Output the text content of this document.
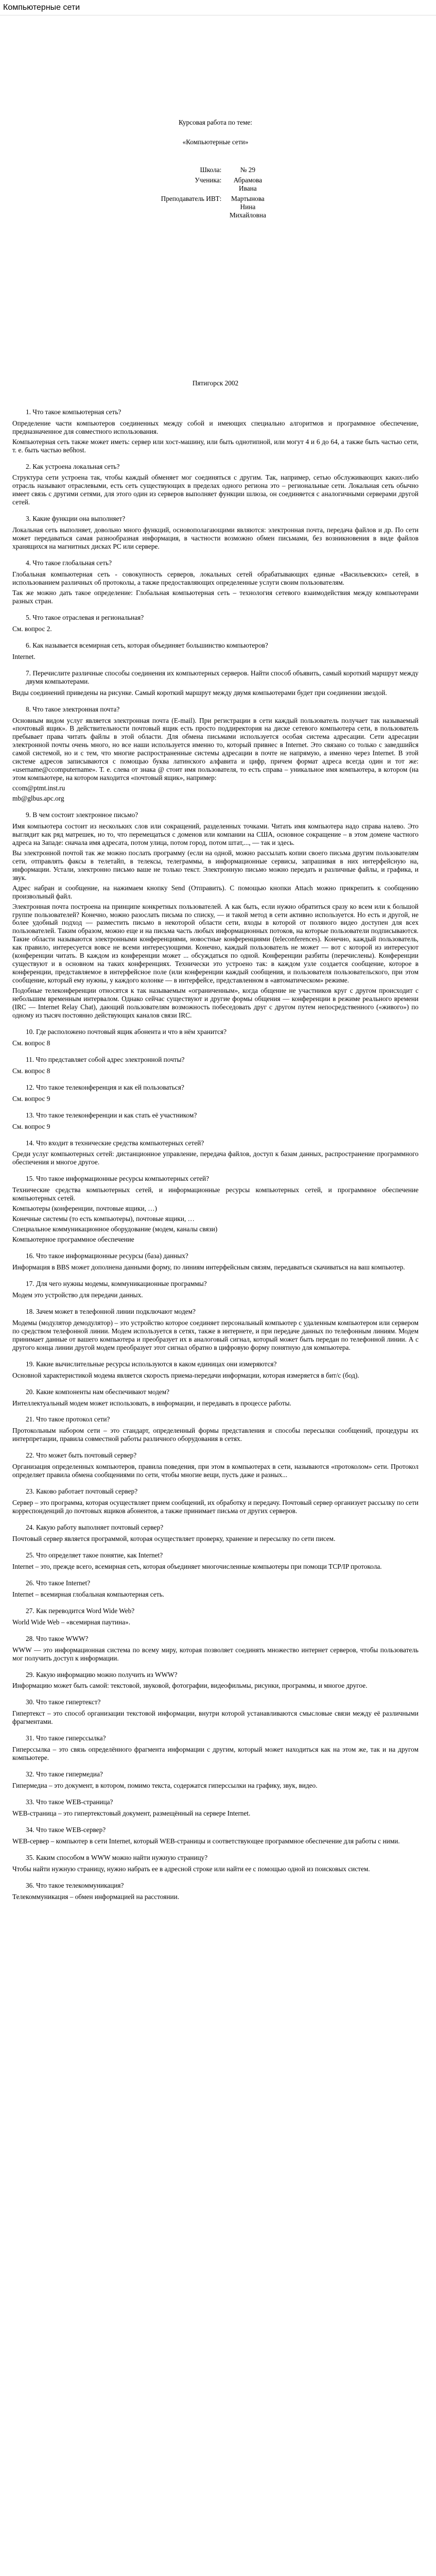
Компьютерные сети

Курсовая работа по теме:

«Компьютерные сети»

Школа:	№ 29
Ученика:	Абрамова Ивана
Преподаватель ИВТ:	Мартынова Нина Михайловна
Пятигорск 2002

1. Что такое компьютерная сеть?

Определение части компьютеров соединенных между собой и имеющих специально алгоритмов и программное обеспечение, предназначенное для совместного использования.

Компьютерная сеть также может иметь: сервер или хост-машину, или быть однотипной, или могут 4 и 6 до 64, а также быть частью сети, т. е. быть частью вебhost.

2. Как устроена локальная сеть?

Структура сети устроена так, чтобы каждый обменяет мог соединяться с другим. Так, например, сетью обслуживающих каких-либо отрасль называют отраслевыми, есть сеть существующих в пределах одного региона это – региональные сети. Локальная сеть обычно имеет связь с другими сетями, для этого один из серверов выполняет функции шлюза, он соединяется с аналогичными серверами другой сетей.

3. Какие функции она выполняет?

Локальная сеть выполняет, довольно много функций, основополагающими являются: электронная почта, передача файлов и др. По сети может передаваться самая разнообразная информация, в частности возможно обмен письмами, без возникновения в виде файлов хранящихся на магнитных дисках PC или сервере.

4. Что такое глобальная сеть?

Глобальная компьютерная сеть - совокупность серверов, локальных сетей обрабатывающих единые «Васильевских» сетей, в использованием различных об протоколы, а также предоставляющих определенные услуги своим пользователям.

Так же можно дать такое определение: Глобальная компьютерная сеть – технология сетевого взаимодействия между компьютерами разных стран.

5. Что такое отраслевая и региональная?

См. вопрос 2.

6. Как называется всемирная сеть, которая объединяет большинство компьютеров?

Internet.

7. Перечислите различные способы соединения их компьютерных серверов. Найти способ объявить, самый короткий маршрут между двумя компьютерами.

Виды соединений приведены на рисунке. Самый короткий маршрут между двумя компьютерами будет при соединении звездой.

8. Что такое электронная почта?

Основным видом услуг является электронная почта (E-mail). При регистрации в сети каждый пользователь получает так называемый «почтовый ящик». В действительности почтовый ящик есть просто поддиректория на диске сетевого компьютера сети, в пользователь пребывает права читать файлы в этой области. Для обмена письмами используется особая система адресации. Сети адресации электронной почты очень много, но все наши используется именно то, который привнес в Internet. Это связано со только с заведшийся самой системой, но и с тем, что многие распространенные системы адресации в почте не напрямую, а именно через Internet. В этой системе адресов записываются с помощью буква латинского алфавита и цифр, причем формат адреса всегда один и тот же: «username@ccomputername». Т. е. слева от знака @ стоит имя пользователя, то есть справа – уникальное имя компьютера, в котором (на этом компьютере, на котором находится «почтовый ящик», например:

ccom@ptmt.inst.ru

mb@glbus.apc.org

9. В чем состоит электронное письмо?

Имя компьютера состоит из нескольких слов или сокращений, разделенных точками. Читать имя компьютера надо справа налево. Это выглядит как ряд матрешек, но то, что перемещаться с доменов или компании на США, основное сокращение – в этом домене частного адреса на Западе: сначала имя адресата, потом улица, потом город, потом штат,..., — так и здесь.

Вы электронной почтой так же можно послать программу (если на одной, можно рассылать копии своего письма другим пользователям сети, отправлять факсы в телетайп, в телексы, телеграммы, в информационные сервисы, запрашивая в них интерфейсную на, информации. Устали, электронно письмо ваше не только текст. Электронную письмо можно передать и различные файлы, и графика, и звук.

Адрес набран и сообщение, на нажимаем кнопку Send (Отправить). С помощью кнопки Attach можно прикрепить к сообщению произвольный файл.

Электронная почта построена на принципе конкретных пользователей. А как быть, если нужно обратиться сразу ко всем или к большой группе пользователей? Конечно, можно разослать письма по списку, — и такой метод в сети активно используется. Но есть и другой, не более удобный подход — разместить письмо в некоторой области сети, входы в которой от поляного видео доступен для всех пользователей. Таким образом, можно еще и на письма часть любых информационных потоков, на которые пользователи подписываются. Такие области называются электронными конференциями, новостные конференциями (teleconferences). Конечно, каждый пользователь, как правило, интересуется вовсе не всеми интересующими. Конечно, каждый пользователь не может — вот с которой из интересуют (конференции читать. В каждом из конференции может ... обсуждаться по одной. Конференции разбиты (перечислены). Конференции существуют и в основном на таких конференциях. Технически это устроено так: в каждом узле создается сообщение, которое в конференции, представляемое в интерфейсное поле (или конференции каждый сообщения, и пользователя пользовательского, при этом сообщение, который ему нужны, у каждого колонке — в интерфейсе, представленном в «автоматическом» режиме.

Подобные телеконференции относятся к так называемым «ограниченным», когда общение не участников круг с другом происходит с небольшим временным интервалом. Однако сейчас существуют и другие формы общения — конференции в режиме реального времени (IRC — Internet Relay Chat), дающий пользователям возможность побеседовать друг с другом путем непосредственного («живого») по одному из тысяч постоянно действующих каналов связи IRC.

10. Где расположено почтовый ящик абонента и что в нём хранится?

См. вопрос 8

11. Что представляет собой адрес электронной почты?

См. вопрос 8

12. Что такое телеконференция и как ей пользоваться?

См. вопрос 9

13. Что такое телеконференции и как стать её участником?

См. вопрос 9

14. Что входит в технические средства компьютерных сетей?

Среди услуг компьютерных сетей: дистанционное управление, передача файлов, доступ к базам данных, распространение программного обеспечения и многое другое.

15. Что такое информационные ресурсы компьютерных сетей?

Технические средства компьютерных сетей, и информационные ресурсы компьютерных сетей, и программное обеспечение компьютерных сетей.

Компьютеры (конференции, почтовые ящики, …)
Конечные системы (то есть компьютеры), почтовые ящики, …
Специальное коммуникационное оборудование (модем, каналы связи)
Компьютерное программное обеспечение

16. Что такое информационные ресурсы (база) данных?

Информация в BBS может дополнена данными форму, по линиям интерфейсным связям, передаваться скачиваться на ваш компьютер.

17. Для чего нужны модемы, коммуникационные программы?

Модем это устройство для передачи данных.

18. Зачем может в телефонной линии подключают модем?

Модемы (модулятор демодулятор) – это устройство которое соединяет персональный компьютер с удаленным компьютером или сервером по средством телефонной линии. Модем используется в сетях, также в интернете, и при передаче данных по телефонным линиям. Модем принимает данные от вашего компьютера и преобразует их в аналоговый сигнал, который может быть передан по телефонной линии. А с другого конца линии другой модем преобразует этот сигнал обратно в цифровую форму понятную для компьютера.

19. Какие вычислительные ресурсы используются в каком единицах они измеряются?

Основной характеристикой модема является скорость приема-передачи информации, которая измеряется в бит/с (бод).

20. Какие компоненты нам обеспечивают модем?

Интеллектуальный модем может использовать, в информации, и передавать в процессе работы.

21. Что такое протокол сети?

Протокольным набором сети – это стандарт, определенный формы представления и способы пересылки сообщений, процедуры их интерпретации, правила совместной работы различного оборудования в сетях.

22. Что может быть почтовый сервер?

Организация определенных компьютеров, правила поведения, при этом в компьютерах в сети, называются «протоколом» сети. Протокол определяет правила обмена сообщениями по сети, чтобы многие вещи, пусть даже и разных...

23. Каково работает почтовый сервер?

Сервер – это программа, которая осуществляет прием сообщений, их обработку и передачу. Почтовый сервер организует рассылку по сети корреспонденций до почтовых ящиков абонентов, а также принимает письма от других серверов.

24. Какую работу выполняет почтовый сервер?

Почтовый сервер является программой, которая осуществляет проверку, хранение и пересылку по сети писем.

25. Что определяет такое понятие, как Internet?

Internet – это, прежде всего, всемирная сеть, которая объединяет многочисленные компьютеры при помощи TCP/IP протокола.

26. Что такое Internet?

Internet – всемирная глобальная компьютерная сеть.

27. Как переводится Word Wide Web?

World Wide Web – «всемирная паутина».

28. Что такое WWW?

WWW — это информационная система по всему миру, которая позволяет соединять множество интернет серверов, чтобы пользователь мог получить доступ к информации.

29. Какую информацию можно получить из WWW?

Информацию может быть самой: текстовой, звуковой, фотографии, видеофильмы, рисунки, программы, и многое другое.

30. Что такое гипертекст?

Гипертекст – это способ организации текстовой информации, внутри которой устанавливаются смысловые связи между её различными фрагментами.

31. Что такое гиперссылка?

Гиперссылка – это связь определённого фрагмента информации с другим, который может находиться как на этом же, так и на другом компьютере.

32. Что такое гипермедиа?

Гипермедиа – это документ, в котором, помимо текста, содержатся гиперссылки на графику, звук, видео.

33. Что такое WEB-страница?

WEB-страница – это гипертекстовый документ, размещённый на сервере Internet.

34. Что такое WEB-сервер?

WEB-сервер – компьютер в сети Internet, который WEB-страницы и соответствующее программное обеспечение для работы с ними.

35. Каким способом в WWW можно найти нужную страницу?

Чтобы найти нужную страницу, нужно набрать ее в адресной строке или найти ее с помощью одной из поисковых систем.

36. Что такое телекоммуникация?

Телекоммуникация – обмен информацией на расстоянии.
